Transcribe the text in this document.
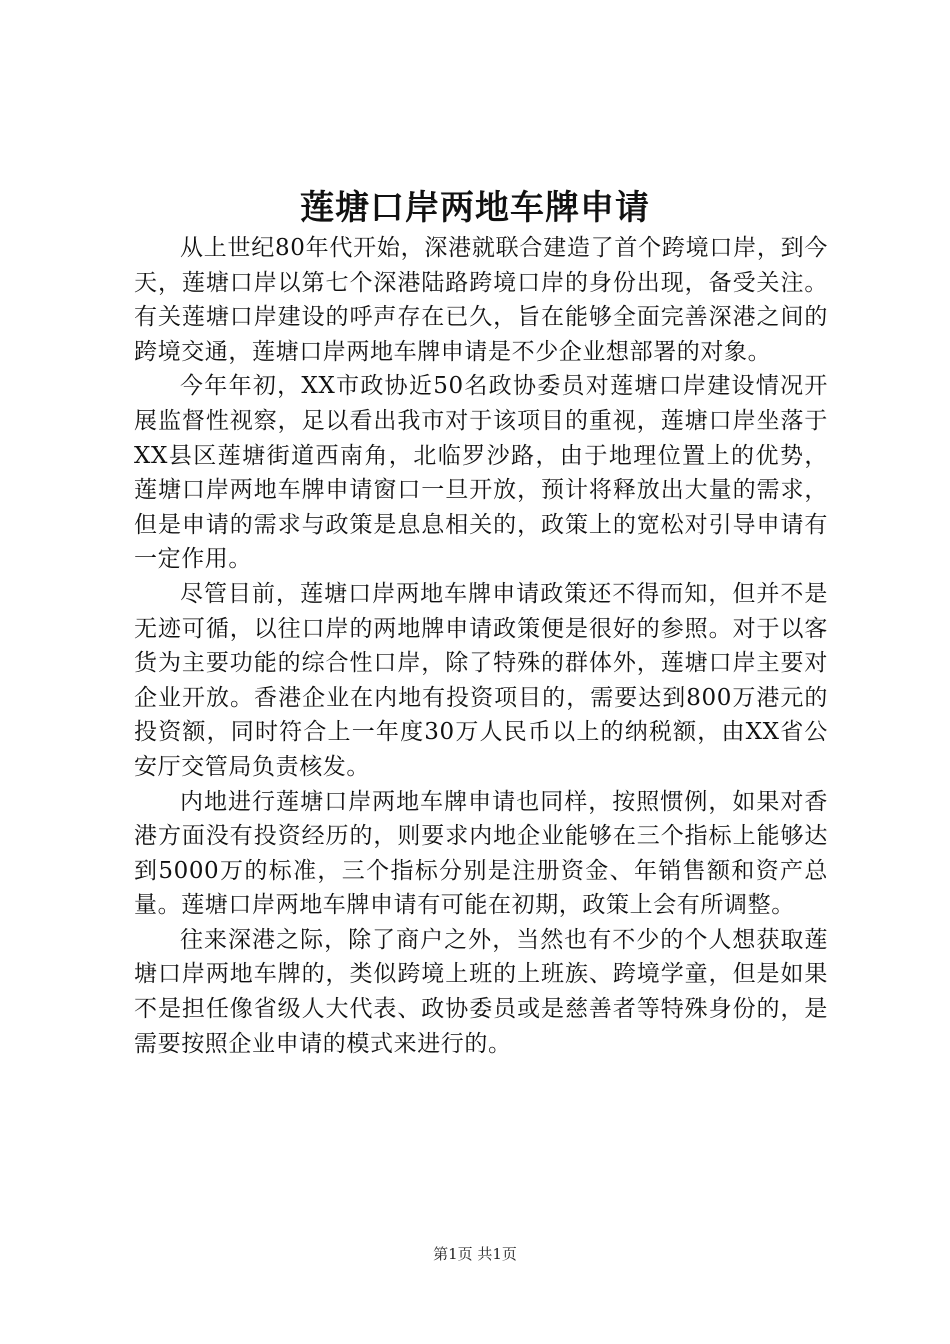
莲塘口岸两地车牌申请

从上世纪80年代开始，深港就联合建造了首个跨境口岸，到今天，莲塘口岸以第七个深港陆路跨境口岸的身份出现，备受关注。有关莲塘口岸建设的呼声存在已久，旨在能够全面完善深港之间的跨境交通，莲塘口岸两地车牌申请是不少企业想部署的对象。

今年年初，XX市政协近50名政协委员对莲塘口岸建设情况开展监督性视察，足以看出我市对于该项目的重视，莲塘口岸坐落于XX县区莲塘街道西南角，北临罗沙路，由于地理位置上的优势，莲塘口岸两地车牌申请窗口一旦开放，预计将释放出大量的需求，但是申请的需求与政策是息息相关的，政策上的宽松对引导申请有一定作用。

尽管目前，莲塘口岸两地车牌申请政策还不得而知，但并不是无迹可循，以往口岸的两地牌申请政策便是很好的参照。对于以客货为主要功能的综合性口岸，除了特殊的群体外，莲塘口岸主要对企业开放。香港企业在内地有投资项目的，需要达到800万港元的投资额，同时符合上一年度30万人民币以上的纳税额，由XX省公安厅交管局负责核发。

内地进行莲塘口岸两地车牌申请也同样，按照惯例，如果对香港方面没有投资经历的，则要求内地企业能够在三个指标上能够达到5000万的标准，三个指标分别是注册资金、年销售额和资产总量。莲塘口岸两地车牌申请有可能在初期，政策上会有所调整。

往来深港之际，除了商户之外，当然也有不少的个人想获取莲塘口岸两地车牌的，类似跨境上班的上班族、跨境学童，但是如果不是担任像省级人大代表、政协委员或是慈善者等特殊身份的，是需要按照企业申请的模式来进行的。

第1页 共1页
